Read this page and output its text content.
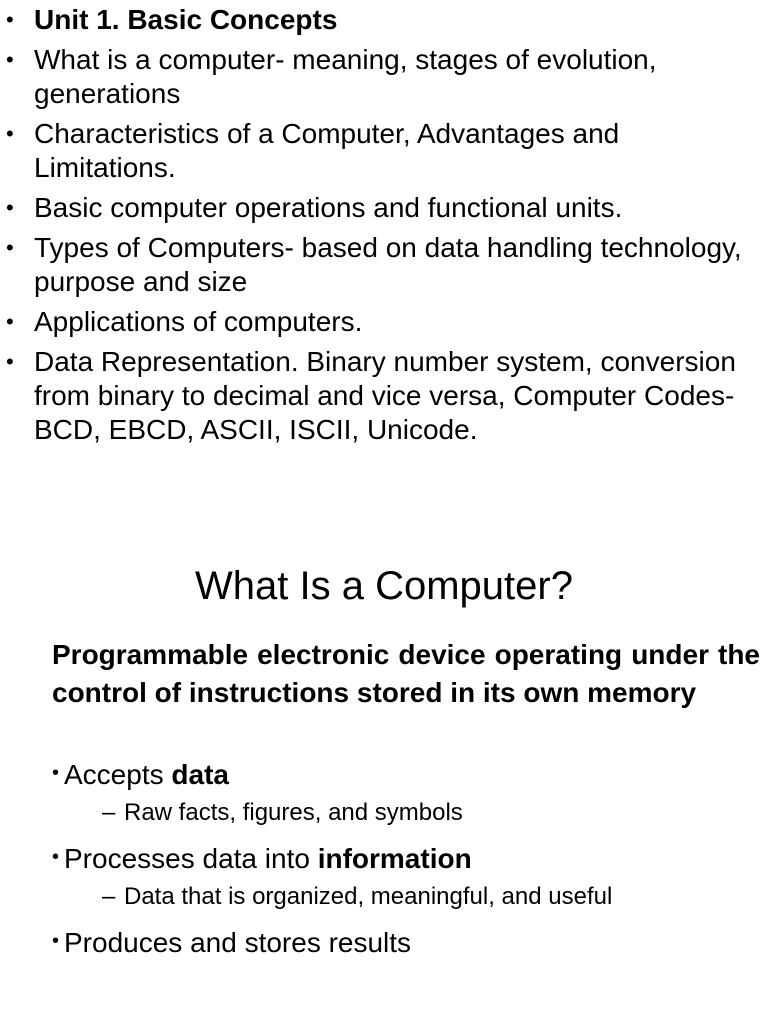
• Unit 1. Basic Concepts
• What is a computer- meaning, stages of evolution, generations
• Characteristics of a Computer, Advantages and Limitations.
• Basic computer operations and functional units.
• Types of Computers- based on data handling technology, purpose and size
• Applications of computers.
• Data Representation. Binary number system, conversion from binary to decimal and vice versa, Computer Codes- BCD, EBCD, ASCII, ISCII, Unicode.
What Is a Computer?
Programmable electronic device operating under the control of instructions stored in its own memory
• Accepts data
– Raw facts, figures, and symbols
• Processes data into information
– Data that is organized, meaningful, and useful
• Produces and stores results
